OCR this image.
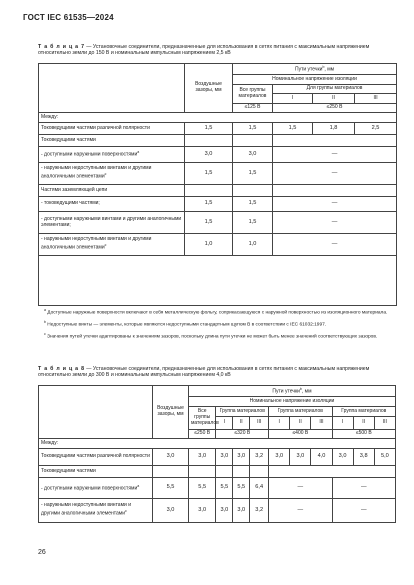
ГОСТ IEC 61535—2024
Т а б л и ц а 7 — Установочные соединители, предназначенные для использования в сетях питания с максимальным напряжением относительно земли до 150 В и номинальным импульсным напряжением 2,5 кВ
	Воздушные зазоры, мм	Пути утечки$^b$, мм			
		Номинальное напряжение изоляции			
		Все группы материалов	Для группы материалов		
			I	II	III
		≤125 В	≤250 В		
Между:					
Токоведущими частями различной полярности	1,5	1,5	1,5	1,8	2,5
Токоведущими частями					
- доступными наружными поверхностями$^a$	3,0	3,0	—		
- наружными недоступными винтами и другими аналогичными элементами$^c$	1,5	1,5	—		
Частями заземляющей цепи					
- токоведущими частями;	1,5	1,5	—		
- доступными наружными винтами и другими аналогичными элементами;	1,5	1,5	—		
- наружными недоступными винтами и другими аналогичными элементами$^c$	1,0	1,0	—		

$^a$ Доступные наружные поверхности включают в себя металлическую фольгу, соприкасающуюся с наружной поверхностью из изоляционного материала.
$^b$ Недоступные винты — элементы, которые являются недоступными стандартным щупом В в соответствии с IEC 61032:1997.
$^c$ Значения путей утечки адаптированы к значениям зазоров, поскольку длина пути утечки не может быть менее значений соответствующих зазоров.
Т а б л и ц а 8 — Установочные соединители, предназначенные для использования в сетях питания с максимальным напряжением относительно земли до 300 В и номинальным импульсным напряжением 4,0 кВ
	Воздушные зазоры, мм	Пути утечки$^b$, мм									
		Номинальное напряжение изоляции									
		Все группы материалов	Группа материалов			Группа материалов			Группа материалов		
			I	II	III	I	II	III	I	II	III
		≤250 В	≤320 В			≤400 В			≤500 В		
Между:											
Токоведущими частями различной полярности	3,0	3,0	3,0	3,0	3,2	3,0	3,0	4,0	3,0	3,8	5,0
Токоведущими частями											
- доступными наружными поверхностями$^a$	5,5	5,5	5,5	5,5	6,4	—			—		
- наружными недоступными винтами и другими аналогичными элементами$^c$	3,0	3,0	3,0	3,0	3,2	—			—		
26
